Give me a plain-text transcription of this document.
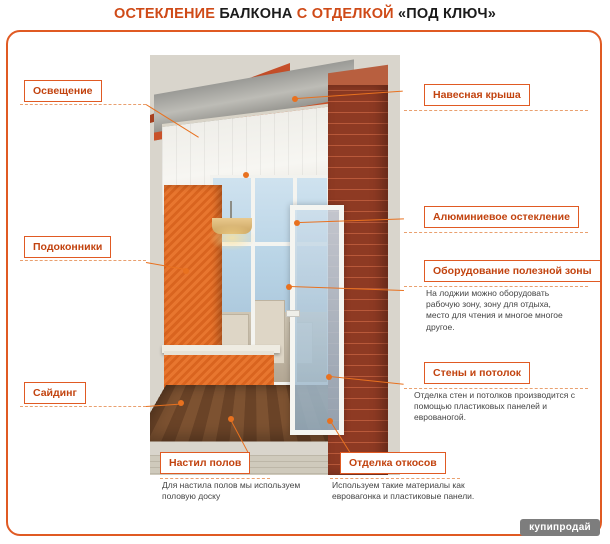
ОСТЕКЛЕНИЕ БАЛКОНА С ОТДЕЛКОЙ «ПОД КЛЮЧ»
Освещение
Подоконники
Сайдинг
Навесная крыша
Алюминиевое остекление
Оборудование полезной зоны
На лоджии можно оборудовать рабочую зону, зону для отдыха, место для чтения и многое многое другое.
Стены и потолок
Отделка стен и потолков производится с помощью пластиковых панелей и еврованогой.
Настил полов
Для настила полов мы используем половую доску
Отделка откосов
Используем такие материалы как евровагонка и пластиковые панели.
купипродай
